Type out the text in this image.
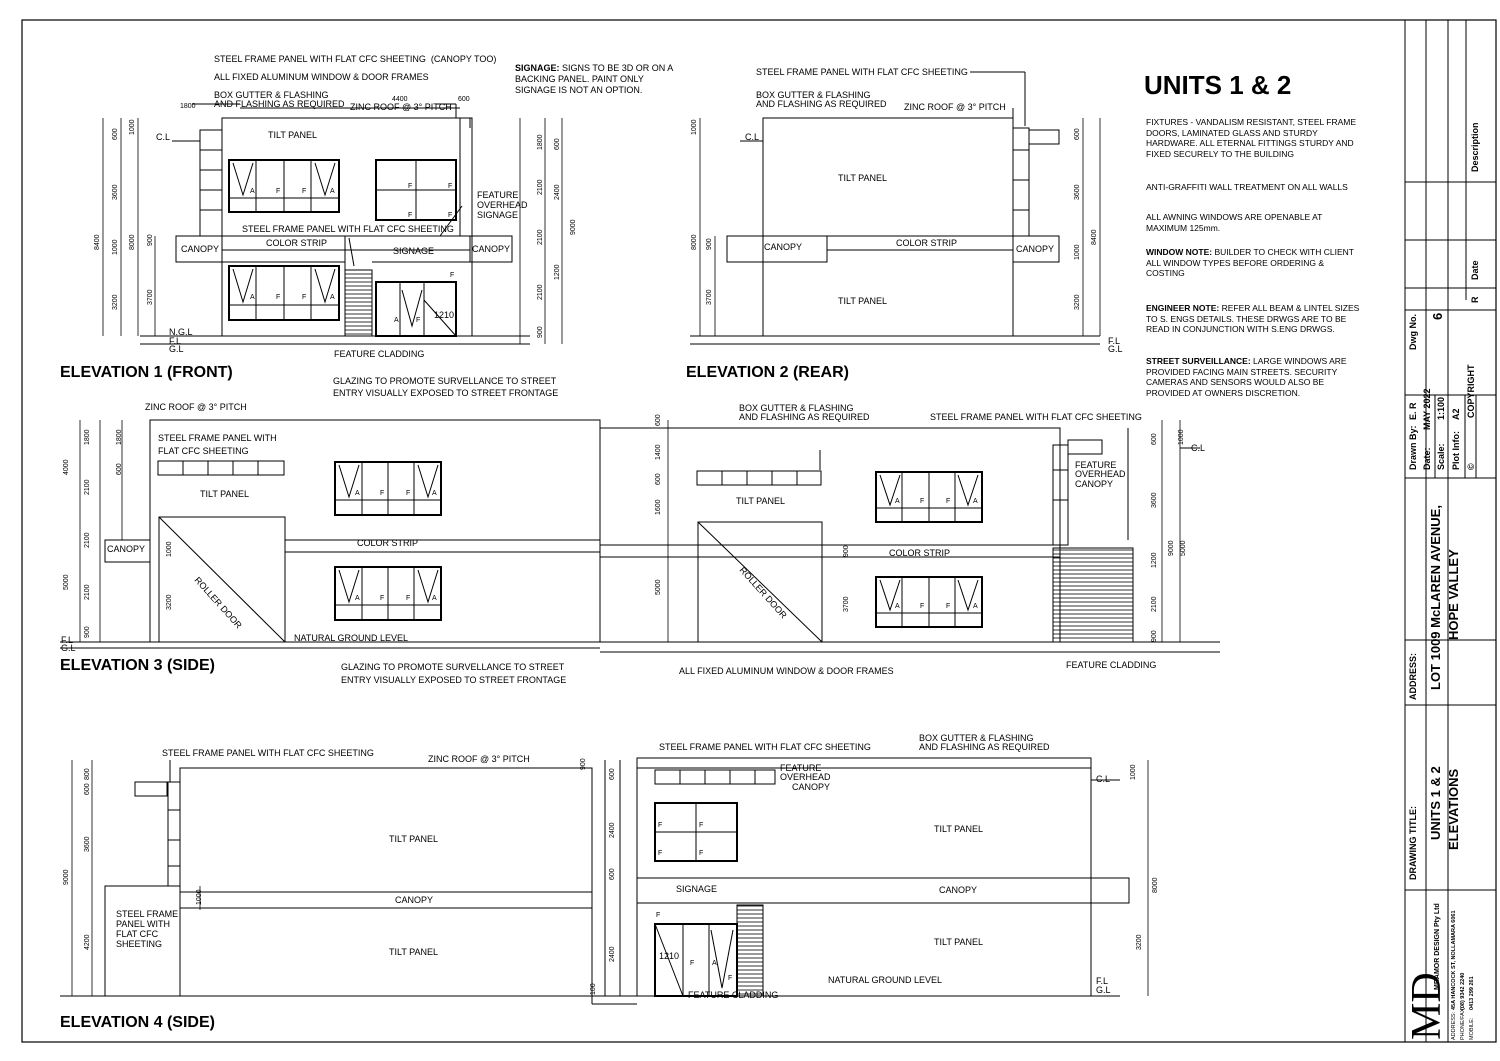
STEEL FRAME PANEL WITH FLAT CFC SHEETING  (CANOPY TOO)
ALL FIXED ALUMINUM WINDOW & DOOR FRAMES
BOX GUTTER & FLASHING
AND FLASHING AS REQUIRED ZINC ROOF @ 3° PITCH
SIGNAGE: SIGNS TO BE 3D OR ON A
BACKING PANEL. PAINT ONLY
SIGNAGE IS NOT AN OPTION.
TILT PANEL
STEEL FRAME PANEL WITH FLAT CFC SHEETING
CANOPY	CANOPY
COLOR STRIP
SIGNAGE
FEATURE
OVERHEAD
SIGNAGE
1210
C.L
N.G.L
F.L
G.L	FEATURE CLADDING
ELEVATION 1 (FRONT)	GLAZING TO PROMOTE SURVELLANCE TO STREET
ENTRY VISUALLY EXPOSED TO STREET FRONTAGE
1800
4400	600
8400
3600
3200
8000
3700
600 1000
1000	900
1800
2100
2100
2100
900
600
2400
1200
9000
STEEL FRAME PANEL WITH FLAT CFC SHEETING
BOX GUTTER & FLASHING
AND FLASHING AS REQUIRED ZINC ROOF @ 3° PITCH
C.L
TILT PANEL
CANOPY	COLOR STRIP
CANOPY
TILT PANEL
F.L
G.L
ELEVATION 2 (REAR)
1000
8000 900
3700
600
3600
1000
3200
8400
UNITS 1 & 2
FIXTURES - VANDALISM RESISTANT, STEEL FRAME DOORS, LAMINATED GLASS AND STURDY HARDWARE. ALL ETERNAL FITTINGS STURDY AND FIXED SECURELY TO THE BUILDING
ANTI-GRAFFITI WALL TREATMENT ON ALL WALLS
ALL AWNING WINDOWS ARE OPENABLE AT MAXIMUM 125mm.
WINDOW NOTE: BUILDER TO CHECK WITH CLIENT ALL WINDOW TYPES BEFORE ORDERING & COSTING
ENGINEER NOTE: REFER ALL BEAM & LINTEL SIZES TO S. ENGS DETAILS. THESE DRWGS ARE TO BE READ IN CONJUNCTION WITH S.ENG DRWGS.
STREET SURVEILLANCE: LARGE WINDOWS ARE PROVIDED FACING MAIN STREETS. SECURITY CAMERAS AND SENSORS WOULD ALSO BE PROVIDED AT OWNERS DISCRETION.
ZINC ROOF @ 3° PITCH
STEEL FRAME PANEL WITH
FLAT CFC SHEETING
TILT PANEL
CANOPY
COLOR STRIP
ROLLER DOOR
NATURAL GROUND LEVEL
F.L
G.L
ELEVATION 3 (SIDE)	GLAZING TO PROMOTE SURVELLANCE TO STREET
ENTRY VISUALLY EXPOSED TO STREET FRONTAGE
BOX GUTTER & FLASHING
AND FLASHING AS REQUIRED	STEEL FRAME PANEL WITH FLAT CFC SHEETING
FEATURE
OVERHEAD
CANOPY
C.L
TILT PANEL
COLOR STRIP
ROLLER DOOR
ALL FIXED ALUMINUM WINDOW & DOOR FRAMES
FEATURE CLADDING
4000
5000
1800
2100
2100
2100
900
1800
600
1000
3200
600
1400
600
1600
5000
900
3700
600	1000
3600
9000
1200
2100
900
5000
STEEL FRAME PANEL WITH FLAT CFC SHEETING
ZINC ROOF @ 3° PITCH
STEEL FRAME PANEL WITH FLAT CFC SHEETING
BOX GUTTER & FLASHING
AND FLASHING AS REQUIRED
FEATURE
OVERHEAD
CANOPY
C.L
TILT PANEL
TILT PANEL
SIGNAGE	CANOPY
CANOPY
STEEL FRAME
PANEL WITH
FLAT CFC
SHEETING
TILT PANEL
TILT PANEL
1210
NATURAL GROUND LEVEL	F.L
G.L
FEATURE CLADDING
ELEVATION 4 (SIDE)
9000
800
600
3600
4200
1000
600
2400
600
2400
1000
8000
3200
100
900
Description
Date
R
Dwg No. 6
Drawn By: Date: Scale: Plot Info:
E. R MAY 2022 1:100 A2
©
COPYRIGHT
ADDRESS: LOT 1009 McLAREN AVENUE, HOPE VALLEY
DRAWING TITLE:
UNITS 1 & 2 ELEVATIONS
MD
MRAMOR DESIGN Pty Ltd
ADDRESS:
45A HANCOCK ST, NOLLAMARA 6061
PHONE/FAX:
(08) 9342 2240
MOBILE:
0413 299 261
A	F	F	A
A	F	F	A
F	F
F	F
A F
F
A	F	F	A
A	F	F	A
A	F	F	A
A	F	F	A
F	F
F	F
F
F	A
F
